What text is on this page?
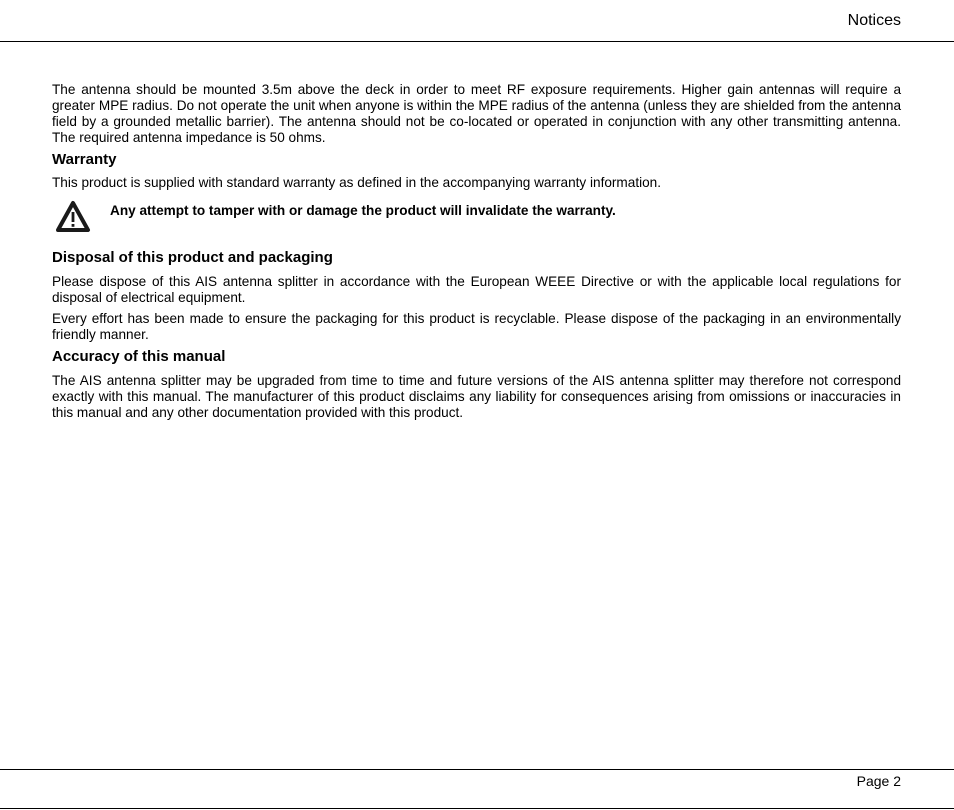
Notices

The antenna should be mounted 3.5m above the deck in order to meet RF exposure requirements. Higher gain antennas will require a greater MPE radius. Do not operate the unit when anyone is within the MPE radius of the antenna (unless they are shielded from the antenna field by a grounded metallic barrier). The antenna should not be co-located or operated in conjunction with any other transmitting antenna. The required antenna impedance is 50 ohms.

Warranty

This product is supplied with standard warranty as defined in the accompanying warranty information.

Any attempt to tamper with or damage the product will invalidate the warranty.
Disposal of this product and packaging

Please dispose of this AIS antenna splitter in accordance with the European WEEE Directive or with the applicable local regulations for disposal of electrical equipment.

Every effort has been made to ensure the packaging for this product is recyclable. Please dispose of the packaging in an environmentally friendly manner.

Accuracy of this manual

The AIS antenna splitter may be upgraded from time to time and future versions of the AIS antenna splitter may therefore not correspond exactly with this manual. The manufacturer of this product disclaims any liability for consequences arising from omissions or inaccuracies in this manual and any other documentation provided with this product.

Page 2
